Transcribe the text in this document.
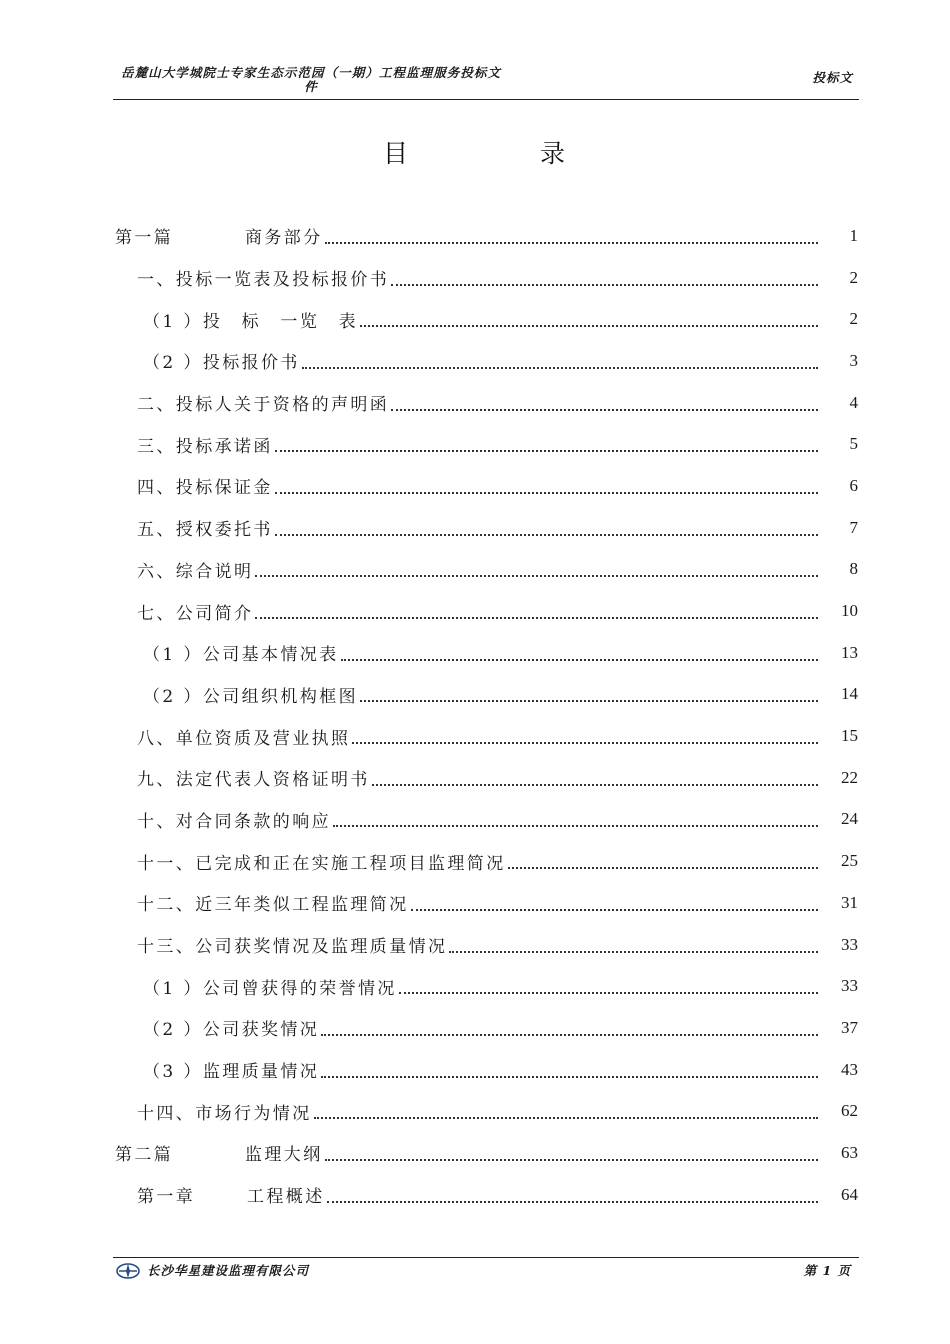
岳麓山大学城院士专家生态示范园（一期）工程监理服务投标文件
投标文
目	录
第一篇	商务部分	1
一、投标一览表及投标报价书	2
（1 ）投　标　一览　表	2
（2 ）投标报价书	3
二、投标人关于资格的声明函	4
三、投标承诺函	5
四、投标保证金	6
五、授权委托书	7
六、综合说明	8
七、公司简介	10
（1 ）公司基本情况表	13
（2 ）公司组织机构框图	14
八、单位资质及营业执照	15
九、法定代表人资格证明书	22
十、对合同条款的响应	24
十一、已完成和正在实施工程项目监理简况	25
十二、近三年类似工程监理简况	31
十三、公司获奖情况及监理质量情况	33
（1 ）公司曾获得的荣誉情况	33
（2 ）公司获奖情况	37
（3 ）监理质量情况	43
十四、市场行为情况	62
第二篇	监理大纲	63
第一章	工程概述	64
长沙华星建设监理有限公司	第 1 页
